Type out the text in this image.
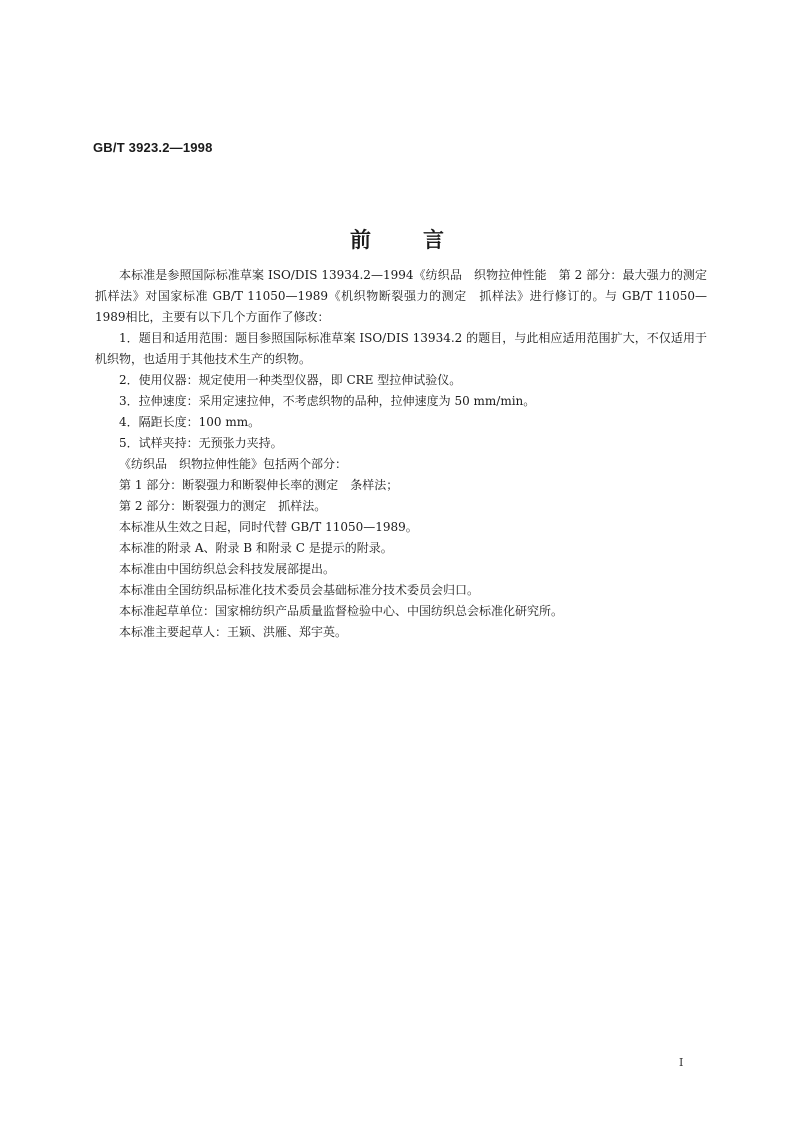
GB/T 3923.2—1998
前 言

本标准是参照国际标准草案 ISO/DIS 13934.2—1994《纺织品　织物拉伸性能　第 2 部分：最大强力的测定　抓样法》对国家标准 GB/T 11050—1989《机织物断裂强力的测定　抓样法》进行修订的。与 GB/T 11050—1989相比，主要有以下几个方面作了修改：

1．题目和适用范围：题目参照国际标准草案 ISO/DIS 13934.2 的题目，与此相应适用范围扩大，不仅适用于机织物，也适用于其他技术生产的织物。

2．使用仪器：规定使用一种类型仪器，即 CRE 型拉伸试验仪。

3．拉伸速度：采用定速拉伸，不考虑织物的品种，拉伸速度为 50 mm/min。

4．隔距长度：100 mm。

5．试样夹持：无预张力夹持。

《纺织品　织物拉伸性能》包括两个部分：

第 1 部分：断裂强力和断裂伸长率的测定　条样法；

第 2 部分：断裂强力的测定　抓样法。

本标准从生效之日起，同时代替 GB/T 11050—1989。

本标准的附录 A、附录 B 和附录 C 是提示的附录。

本标准由中国纺织总会科技发展部提出。

本标准由全国纺织品标准化技术委员会基础标准分技术委员会归口。

本标准起草单位：国家棉纺织产品质量监督检验中心、中国纺织总会标准化研究所。

本标准主要起草人：王颖、洪雁、郑宇英。

I
